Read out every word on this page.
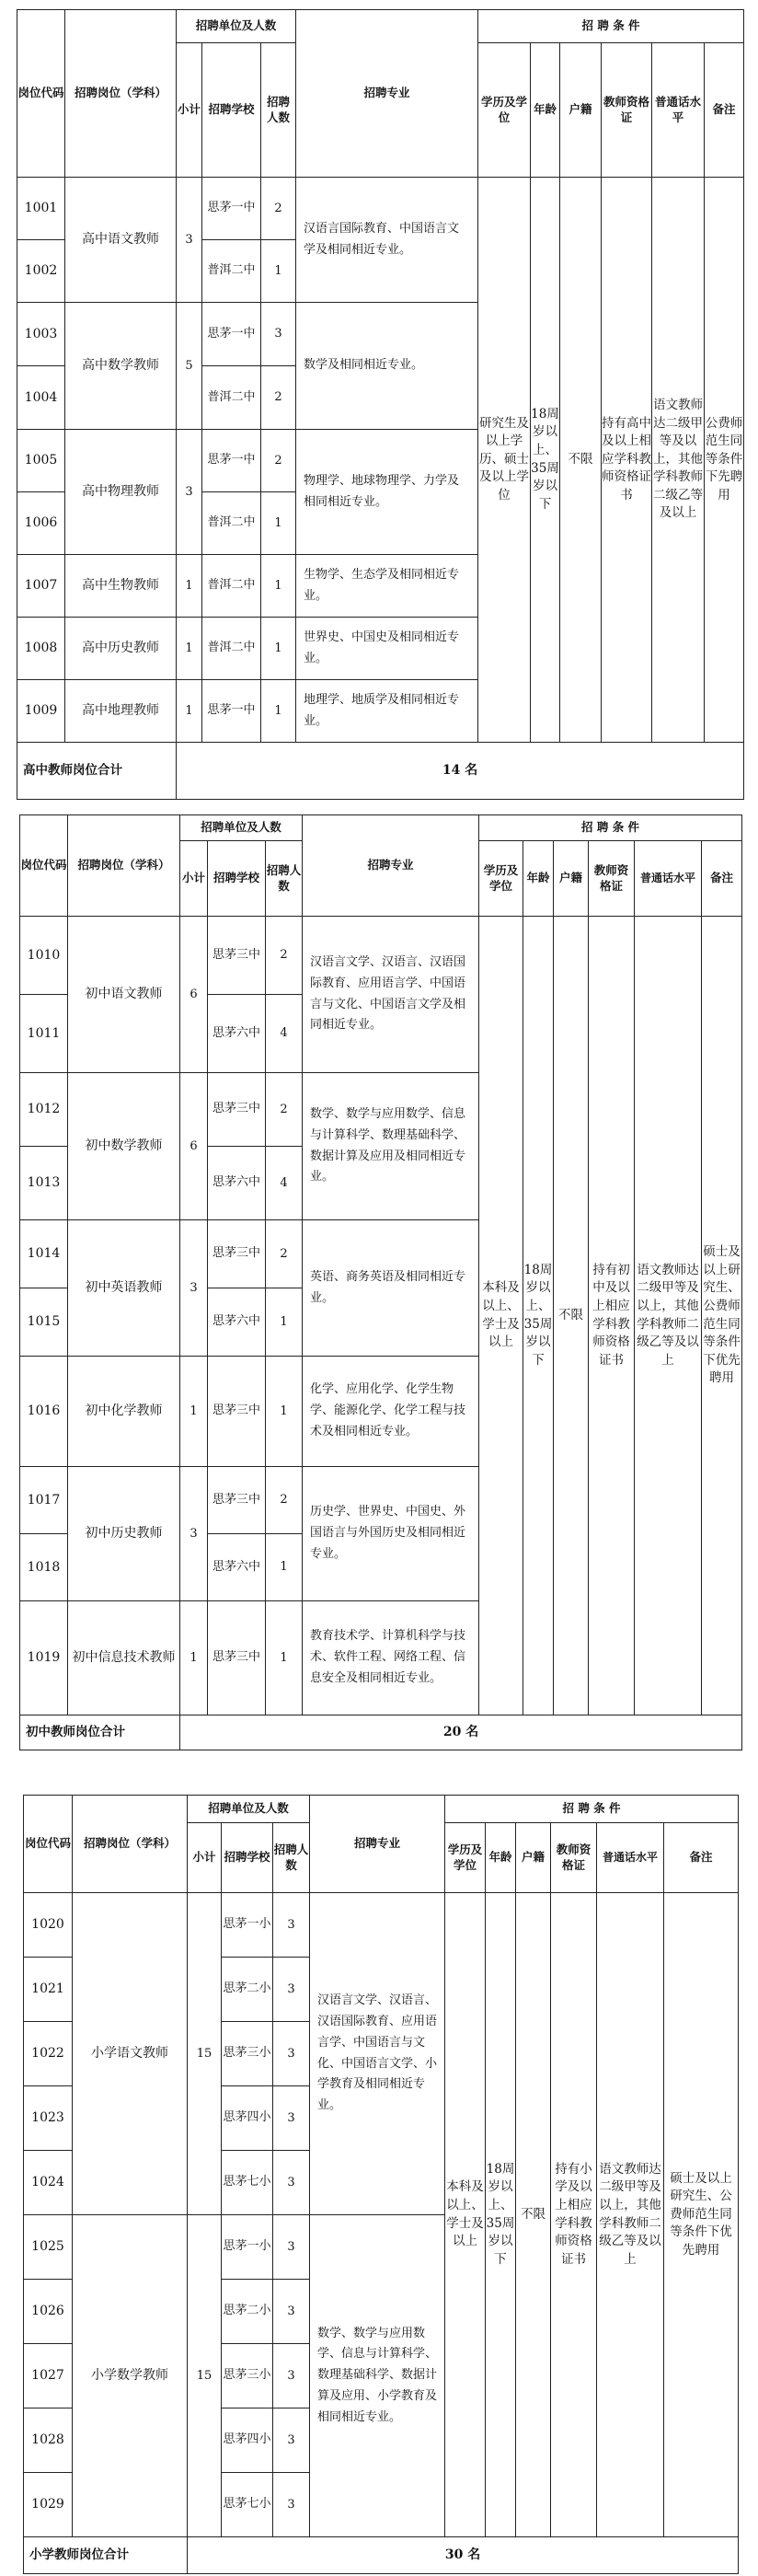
岗位代码	招聘岗位（学科）	招聘单位及人数			招聘专业	招 聘 条 件					
		小计	招聘学校	招聘人数		学历及学位	年龄	户籍	教师资格证	普通话水平	备注
1001	高中语文教师	3	思茅一中	2	汉语言国际教育、中国语言文学及相同相近专业。	研究生及以上学历、硕士及以上学位	18周岁以上、35周岁以下	不限	持有高中及以上相应学科教师资格证书	语文教师达二级甲等及以上，其他学科教师二级乙等及以上	公费师范生同等条件下先聘用
1002			普洱二中	1							
1003	高中数学教师	5	思茅一中	3	数学及相同相近专业。						
1004			普洱二中	2							
1005	高中物理教师	3	思茅一中	2	物理学、地球物理学、力学及相同相近专业。						
1006			普洱二中	1							
1007	高中生物教师	1	普洱二中	1	生物学、生态学及相同相近专业。						
1008	高中历史教师	1	普洱二中	1	世界史、中国史及相同相近专业。						
1009	高中地理教师	1	思茅一中	1	地理学、地质学及相同相近专业。						
高中教师岗位合计		14 名									
岗位代码	招聘岗位（学科）	招聘单位及人数			招聘专业	招 聘 条 件					
		小计	招聘学校	招聘人数		学历及学位	年龄	户籍	教师资格证	普通话水平	备注
1010	初中语文教师	6	思茅三中	2	汉语言文学、汉语言、汉语国际教育、应用语言学、中国语言与文化、中国语言文学及相同相近专业。	本科及以上、学士及以上	18周岁以上、35周岁以下	不限	持有初中及以上相应学科教师资格证书	语文教师达二级甲等及以上，其他学科教师二级乙等及以上	硕士及以上研究生、公费师范生同等条件下优先聘用
1011			思茅六中	4							
1012	初中数学教师	6	思茅三中	2	数学、数学与应用数学、信息与计算科学、数理基础科学、数据计算及应用及相同相近专业。						
1013			思茅六中	4							
1014	初中英语教师	3	思茅三中	2	英语、商务英语及相同相近专业。						
1015			思茅六中	1							
1016	初中化学教师	1	思茅三中	1	化学、应用化学、化学生物学、能源化学、化学工程与技术及相同相近专业。						
1017	初中历史教师	3	思茅三中	2	历史学、世界史、中国史、外国语言与外国历史及相同相近专业。						
1018			思茅六中	1							
1019	初中信息技术教师	1	思茅三中	1	教育技术学、计算机科学与技术、软件工程、网络工程、信息安全及相同相近专业。						
初中教师岗位合计		20 名									
岗位代码	招聘岗位（学科）	招聘单位及人数			招聘专业	招 聘 条 件					
		小计	招聘学校	招聘人数		学历及学位	年龄	户籍	教师资格证	普通话水平	备注
1020	小学语文教师	15	思茅一小	3	汉语言文学、汉语言、汉语国际教育、应用语言学、中国语言与文化、中国语言文学、小学教育及相同相近专业。	本科及以上、学士及以上	18周岁以上、35周岁以下	不限	持有小学及以上相应学科教师资格证书	语文教师达二级甲等及以上，其他学科教师二级乙等及以上	硕士及以上研究生、公费师范生同等条件下优先聘用
1021			思茅二小	3							
1022			思茅三小	3							
1023			思茅四小	3							
1024			思茅七小	3							
1025	小学数学教师	15	思茅一小	3	数学、数学与应用数学、信息与计算科学、数理基础科学、数据计算及应用、小学教育及相同相近专业。						
1026			思茅二小	3							
1027			思茅三小	3							
1028			思茅四小	3							
1029			思茅七小	3							
小学教师岗位合计		30 名									
